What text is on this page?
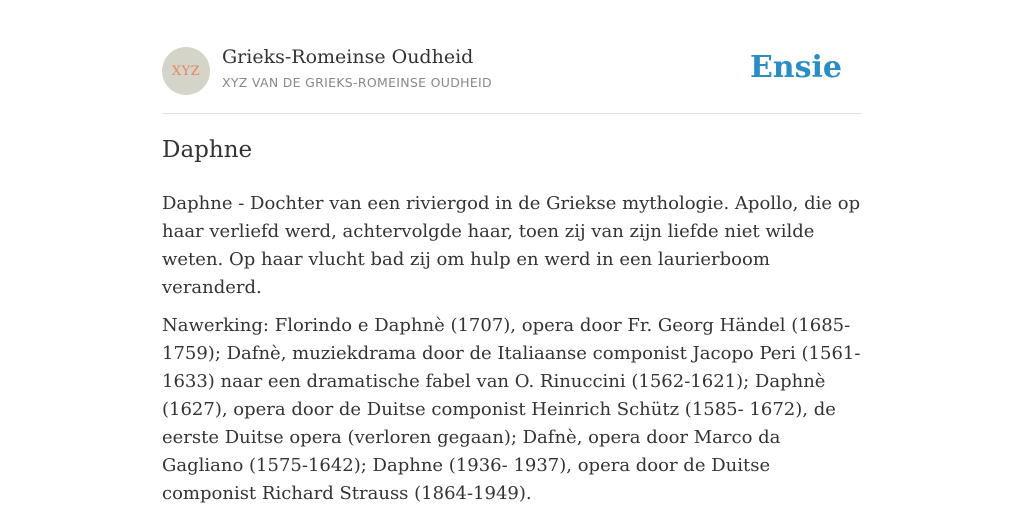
XYZ
Grieks-Romeinse Oudheid
XYZ VAN DE GRIEKS-ROMEINSE OUDHEID	Ensie
Daphne

Daphne - Dochter van een riviergod in de Griekse mythologie. Apollo, die op haar verliefd werd, achtervolgde haar, toen zij van zijn liefde niet wilde weten. Op haar vlucht bad zij om hulp en werd in een laurierboom veranderd.

Nawerking: Florindo e Daphnè (1707), opera door Fr. Georg Händel (1685-1759); Dafnè, muziekdrama door de Italiaanse componist Jacopo Peri (1561-1633) naar een dramatische fabel van O. Rinuccini (1562-1621); Daphnè (1627), opera door de Duitse componist Heinrich Schütz (1585- 1672), de eerste Duitse opera (verloren gegaan); Dafnè, opera door Marco da Gagliano (1575-1642); Daphne (1936- 1937), opera door de Duitse componist Richard Strauss (1864-1949).
